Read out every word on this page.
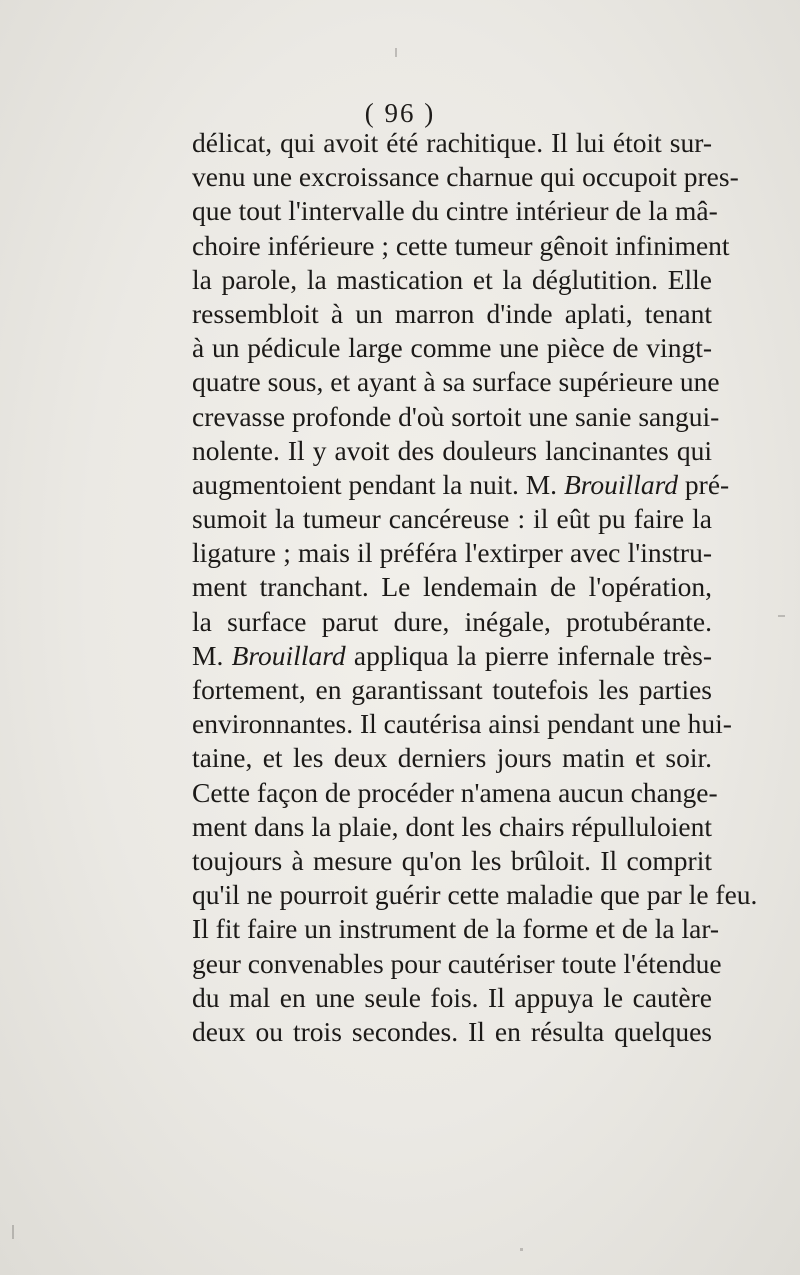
( 96 )
délicat, qui avoit été rachitique. Il lui étoit sur-
venu une excroissance charnue qui occupoit pres-
que tout l'intervalle du cintre intérieur de la mâ-
choire inférieure ; cette tumeur gênoit infiniment
la parole, la mastication et la déglutition. Elle
ressembloit à un marron d'inde aplati, tenant
à un pédicule large comme une pièce de vingt-
quatre sous, et ayant à sa surface supérieure une
crevasse profonde d'où sortoit une sanie sangui-
nolente. Il y avoit des douleurs lancinantes qui
augmentoient pendant la nuit. M. Brouillard pré-
sumoit la tumeur cancéreuse : il eût pu faire la
ligature ; mais il préféra l'extirper avec l'instru-
ment tranchant. Le lendemain de l'opération,
la surface parut dure, inégale, protubérante.
M. Brouillard appliqua la pierre infernale très-
fortement, en garantissant toutefois les parties
environnantes. Il cautérisa ainsi pendant une hui-
taine, et les deux derniers jours matin et soir.
Cette façon de procéder n'amena aucun change-
ment dans la plaie, dont les chairs répulluloient
toujours à mesure qu'on les brûloit. Il comprit
qu'il ne pourroit guérir cette maladie que par le feu.
Il fit faire un instrument de la forme et de la lar-
geur convenables pour cautériser toute l'étendue
du mal en une seule fois. Il appuya le cautère
deux ou trois secondes. Il en résulta quelques
